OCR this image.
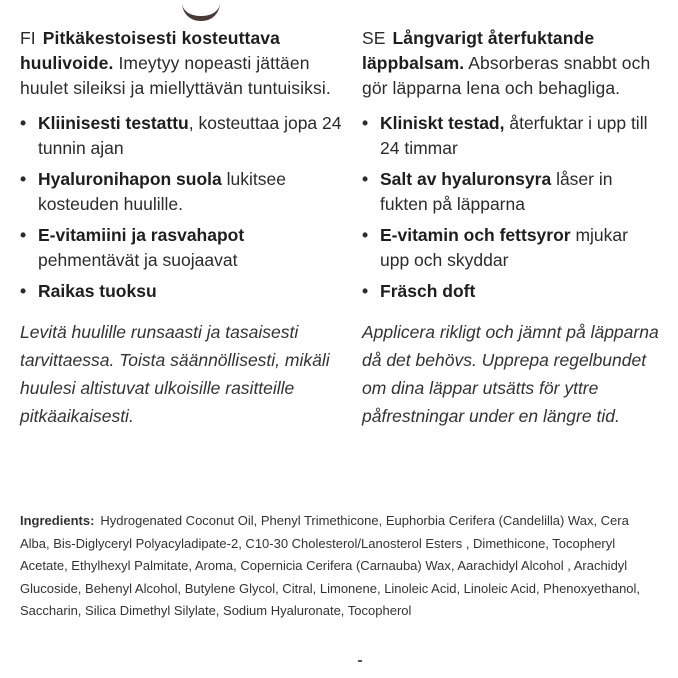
FI Pitkäkestoisesti kosteuttava huulivoide. Imeytyy nopeasti jättäen huulet sileiksi ja miellyttävän tuntuisiksi.

• Kliinisesti testattu, kosteuttaa jopa 24 tunnin ajan
• Hyaluronihapon suola lukitsee kosteuden huulille.
• E-vitamiini ja rasvahapot pehmentävät ja suojaavat
• Raikas tuoksu
Levitä huulille runsaasti ja tasaisesti tarvittaessa. Toista säännöllisesti, mikäli huulesi altistuvat ulkoisille rasitteille pitkäaikaisesti.

SE Långvarigt återfuktande läppbalsam. Absorberas snabbt och gör läpparna lena och behagliga.

• Kliniskt testad, återfuktar i upp till 24 timmar
• Salt av hyaluronsyra låser in fukten på läpparna
• E-vitamin och fettsyror mjukar upp och skyddar
• Fräsch doft
Applicera rikligt och jämnt på läpparna då det behövs. Upprepa regelbundet om dina läppar utsätts för yttre påfrestningar under en längre tid.
Ingredients: Hydrogenated Coconut Oil, Phenyl Trimethicone, Euphorbia Cerifera (Candelilla) Wax, Cera Alba, Bis-Diglyceryl Polyacyladipate-2, C10-30 Cholesterol/Lanosterol Esters , Dimethicone, Tocopheryl Acetate, Ethylhexyl Palmitate, Aroma, Copernicia Cerifera (Carnauba) Wax, Aarachidyl Alcohol , Arachidyl Glucoside, Behenyl Alcohol, Butylene Glycol, Citral, Limonene, Linoleic Acid, Linoleic Acid, Phenoxyethanol, Saccharin, Silica Dimethyl Silylate, Sodium Hyaluronate, Tocopherol
